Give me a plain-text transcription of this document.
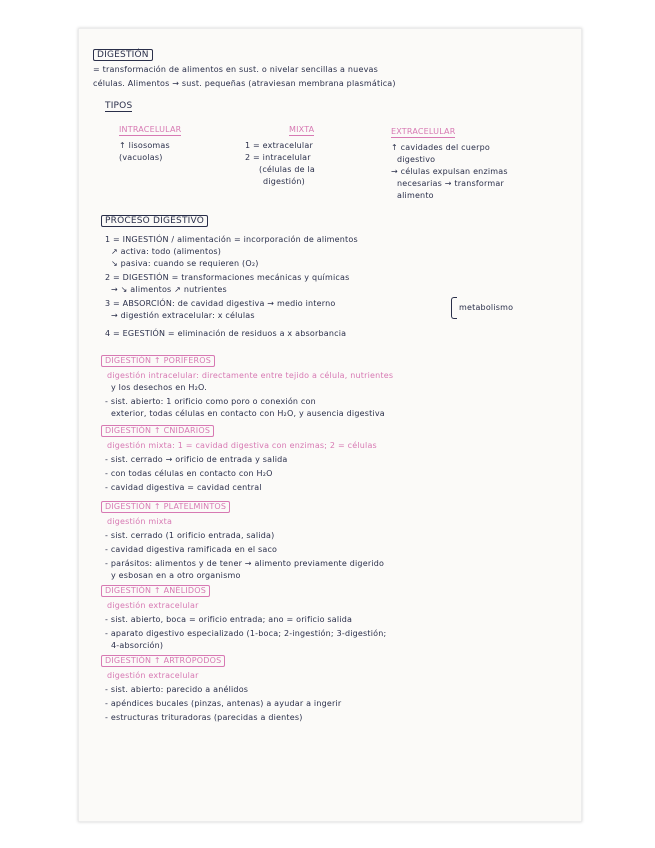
DIGESTIÓN
= transformación de alimentos en sust. o nivelar sencillas a nuevas
células. Alimentos → sust. pequeñas (atraviesan membrana plasmática)
TIPOS
INTRACELULAR
↑ lisosomas
(vacuolas)
MIXTA
1 = extracelular
2 = intracelular
(células de la
digestión)
EXTRACELULAR
↑ cavidades del cuerpo
digestivo
→ células expulsan enzimas
necesarias → transformar
alimento
PROCESO DIGESTIVO
1 = INGESTIÓN / alimentación = incorporación de alimentos
↗ activa: todo (alimentos)
↘ pasiva: cuando se requieren (O₂)
2 = DIGESTIÓN = transformaciones mecánicas y químicas
→ ↘ alimentos ↗ nutrientes
3 = ABSORCIÓN: de cavidad digestiva → medio interno
→ digestión extracelular: x células
metabolismo
4 = EGESTIÓN = eliminación de residuos a x absorbancia
DIGESTIÓN ↑ PORÍFEROS
digestión intracelular: directamente entre tejido a célula, nutrientes
y los desechos en H₂O.
- sist. abierto: 1 orificio como poro o conexión con
exterior, todas células en contacto con H₂O, y ausencia digestiva
DIGESTIÓN ↑ CNIDARIOS
digestión mixta: 1 = cavidad digestiva con enzimas; 2 = células
- sist. cerrado → orificio de entrada y salida
- con todas células en contacto con H₂O
- cavidad digestiva = cavidad central
DIGESTIÓN ↑ PLATELMINTOS
digestión mixta
- sist. cerrado (1 orificio entrada, salida)
- cavidad digestiva ramificada en el saco
- parásitos: alimentos y de tener → alimento previamente digerido
y esbosan en a otro organismo
DIGESTIÓN ↑ ANÉLIDOS
digestión extracelular
- sist. abierto, boca = orificio entrada; ano = orificio salida
- aparato digestivo especializado (1-boca; 2-ingestión; 3-digestión;
4-absorción)
DIGESTIÓN ↑ ARTRÓPODOS
digestión extracelular
- sist. abierto: parecido a anélidos
- apéndices bucales (pinzas, antenas) a ayudar a ingerir
- estructuras trituradoras (parecidas a dientes)
